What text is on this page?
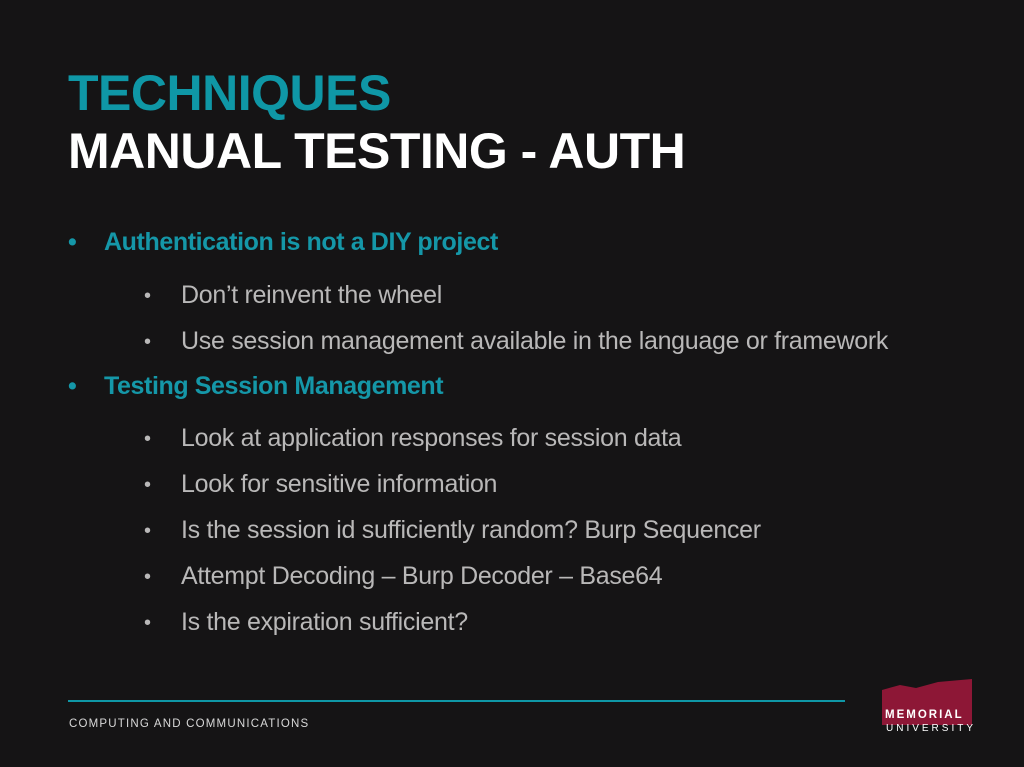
TECHNIQUES
MANUAL TESTING - AUTH
•	Authentication is not a DIY project
•	Don’t reinvent the wheel
•	Use session management available in the language or framework
•	Testing Session Management
•	Look at application responses for session data
•	Look for sensitive information
•	Is the session id sufficiently random? Burp Sequencer
•	Attempt Decoding – Burp Decoder – Base64
•	Is the expiration sufficient?
COMPUTING AND COMMUNICATIONS
MEMORIAL
UNIVERSITY
